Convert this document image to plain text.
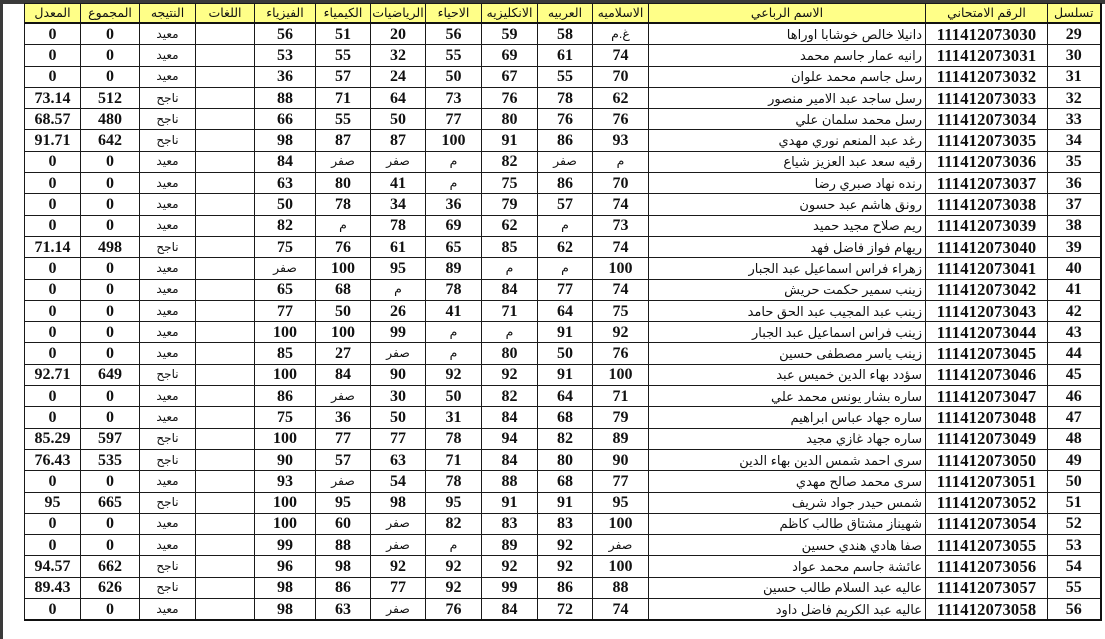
تسلسل	الرقم الامتحاني	الاسم الرباعي	الاسلاميه	العربيه	الانكليزيه	الاحياء	الرياضيات	الكيمياء	الفيزياء	اللغات	النتيجه	المجموع	المعدل
29	111412073030	دانيلا خالص خوشابا اوراها	غ.م	58	59	56	20	51	56		معيد	0	0
30	111412073031	رانيه عمار جاسم محمد	74	61	69	55	32	55	53		معيد	0	0
31	111412073032	رسل جاسم محمد علوان	70	55	67	50	24	57	36		معيد	0	0
32	111412073033	رسل ساجد عبد الامير منصور	62	78	76	73	64	71	88		ناجح	512	73.14
33	111412073034	رسل محمد سلمان علي	76	76	80	77	50	55	66		ناجح	480	68.57
34	111412073035	رغد عبد المنعم نوري مهدي	93	86	91	100	87	87	98		ناجح	642	91.71
35	111412073036	رقيه سعد عبد العزيز شياع	م	صفر	82	م	صفر	صفر	84		معيد	0	0
36	111412073037	رنده نهاد صبري رضا	70	86	75	م	41	80	63		معيد	0	0
37	111412073038	رونق هاشم عبد حسون	74	57	79	36	34	78	50		معيد	0	0
38	111412073039	ريم صلاح مجيد حميد	73	م	62	69	78	م	82		معيد	0	0
39	111412073040	ريهام فواز فاضل فهد	74	62	85	65	61	76	75		ناجح	498	71.14
40	111412073041	زهراء فراس اسماعيل عبد الجبار	100	م	م	89	95	100	صفر		معيد	0	0
41	111412073042	زينب سمير حكمت حريش	74	77	84	78	م	68	65		معيد	0	0
42	111412073043	زينب عبد المجيب عبد الحق حامد	75	64	71	41	26	50	77		معيد	0	0
43	111412073044	زينب فراس اسماعيل عبد الجبار	92	91	م	م	99	100	100		معيد	0	0
44	111412073045	زينب ياسر مصطفى حسين	76	50	80	م	صفر	27	85		معيد	0	0
45	111412073046	سؤدد بهاء الدين خميس عبد	100	91	92	92	90	84	100		ناجح	649	92.71
46	111412073047	ساره بشار يونس محمد علي	71	64	82	50	30	صفر	86		معيد	0	0
47	111412073048	ساره جهاد عباس ابراهيم	79	68	84	31	50	36	75		معيد	0	0
48	111412073049	ساره جهاد غازي مجيد	89	82	94	78	77	77	100		ناجح	597	85.29
49	111412073050	سرى احمد شمس الدين بهاء الدين	90	80	84	71	63	57	90		ناجح	535	76.43
50	111412073051	سرى محمد صالح مهدي	77	68	88	78	54	صفر	93		معيد	0	0
51	111412073052	شمس حيدر جواد شريف	95	91	91	95	98	95	100		ناجح	665	95
52	111412073054	شهيناز مشتاق طالب كاظم	100	83	83	82	صفر	60	100		معيد	0	0
53	111412073055	صفا هادي هندي حسين	صفر	92	89	م	صفر	88	99		معيد	0	0
54	111412073056	عائشة جاسم محمد عواد	100	92	92	92	92	98	96		ناجح	662	94.57
55	111412073057	عاليه عبد السلام طالب حسين	88	86	99	92	77	86	98		ناجح	626	89.43
56	111412073058	عاليه عبد الكريم فاضل داود	74	72	84	76	صفر	63	98		معيد	0	0
